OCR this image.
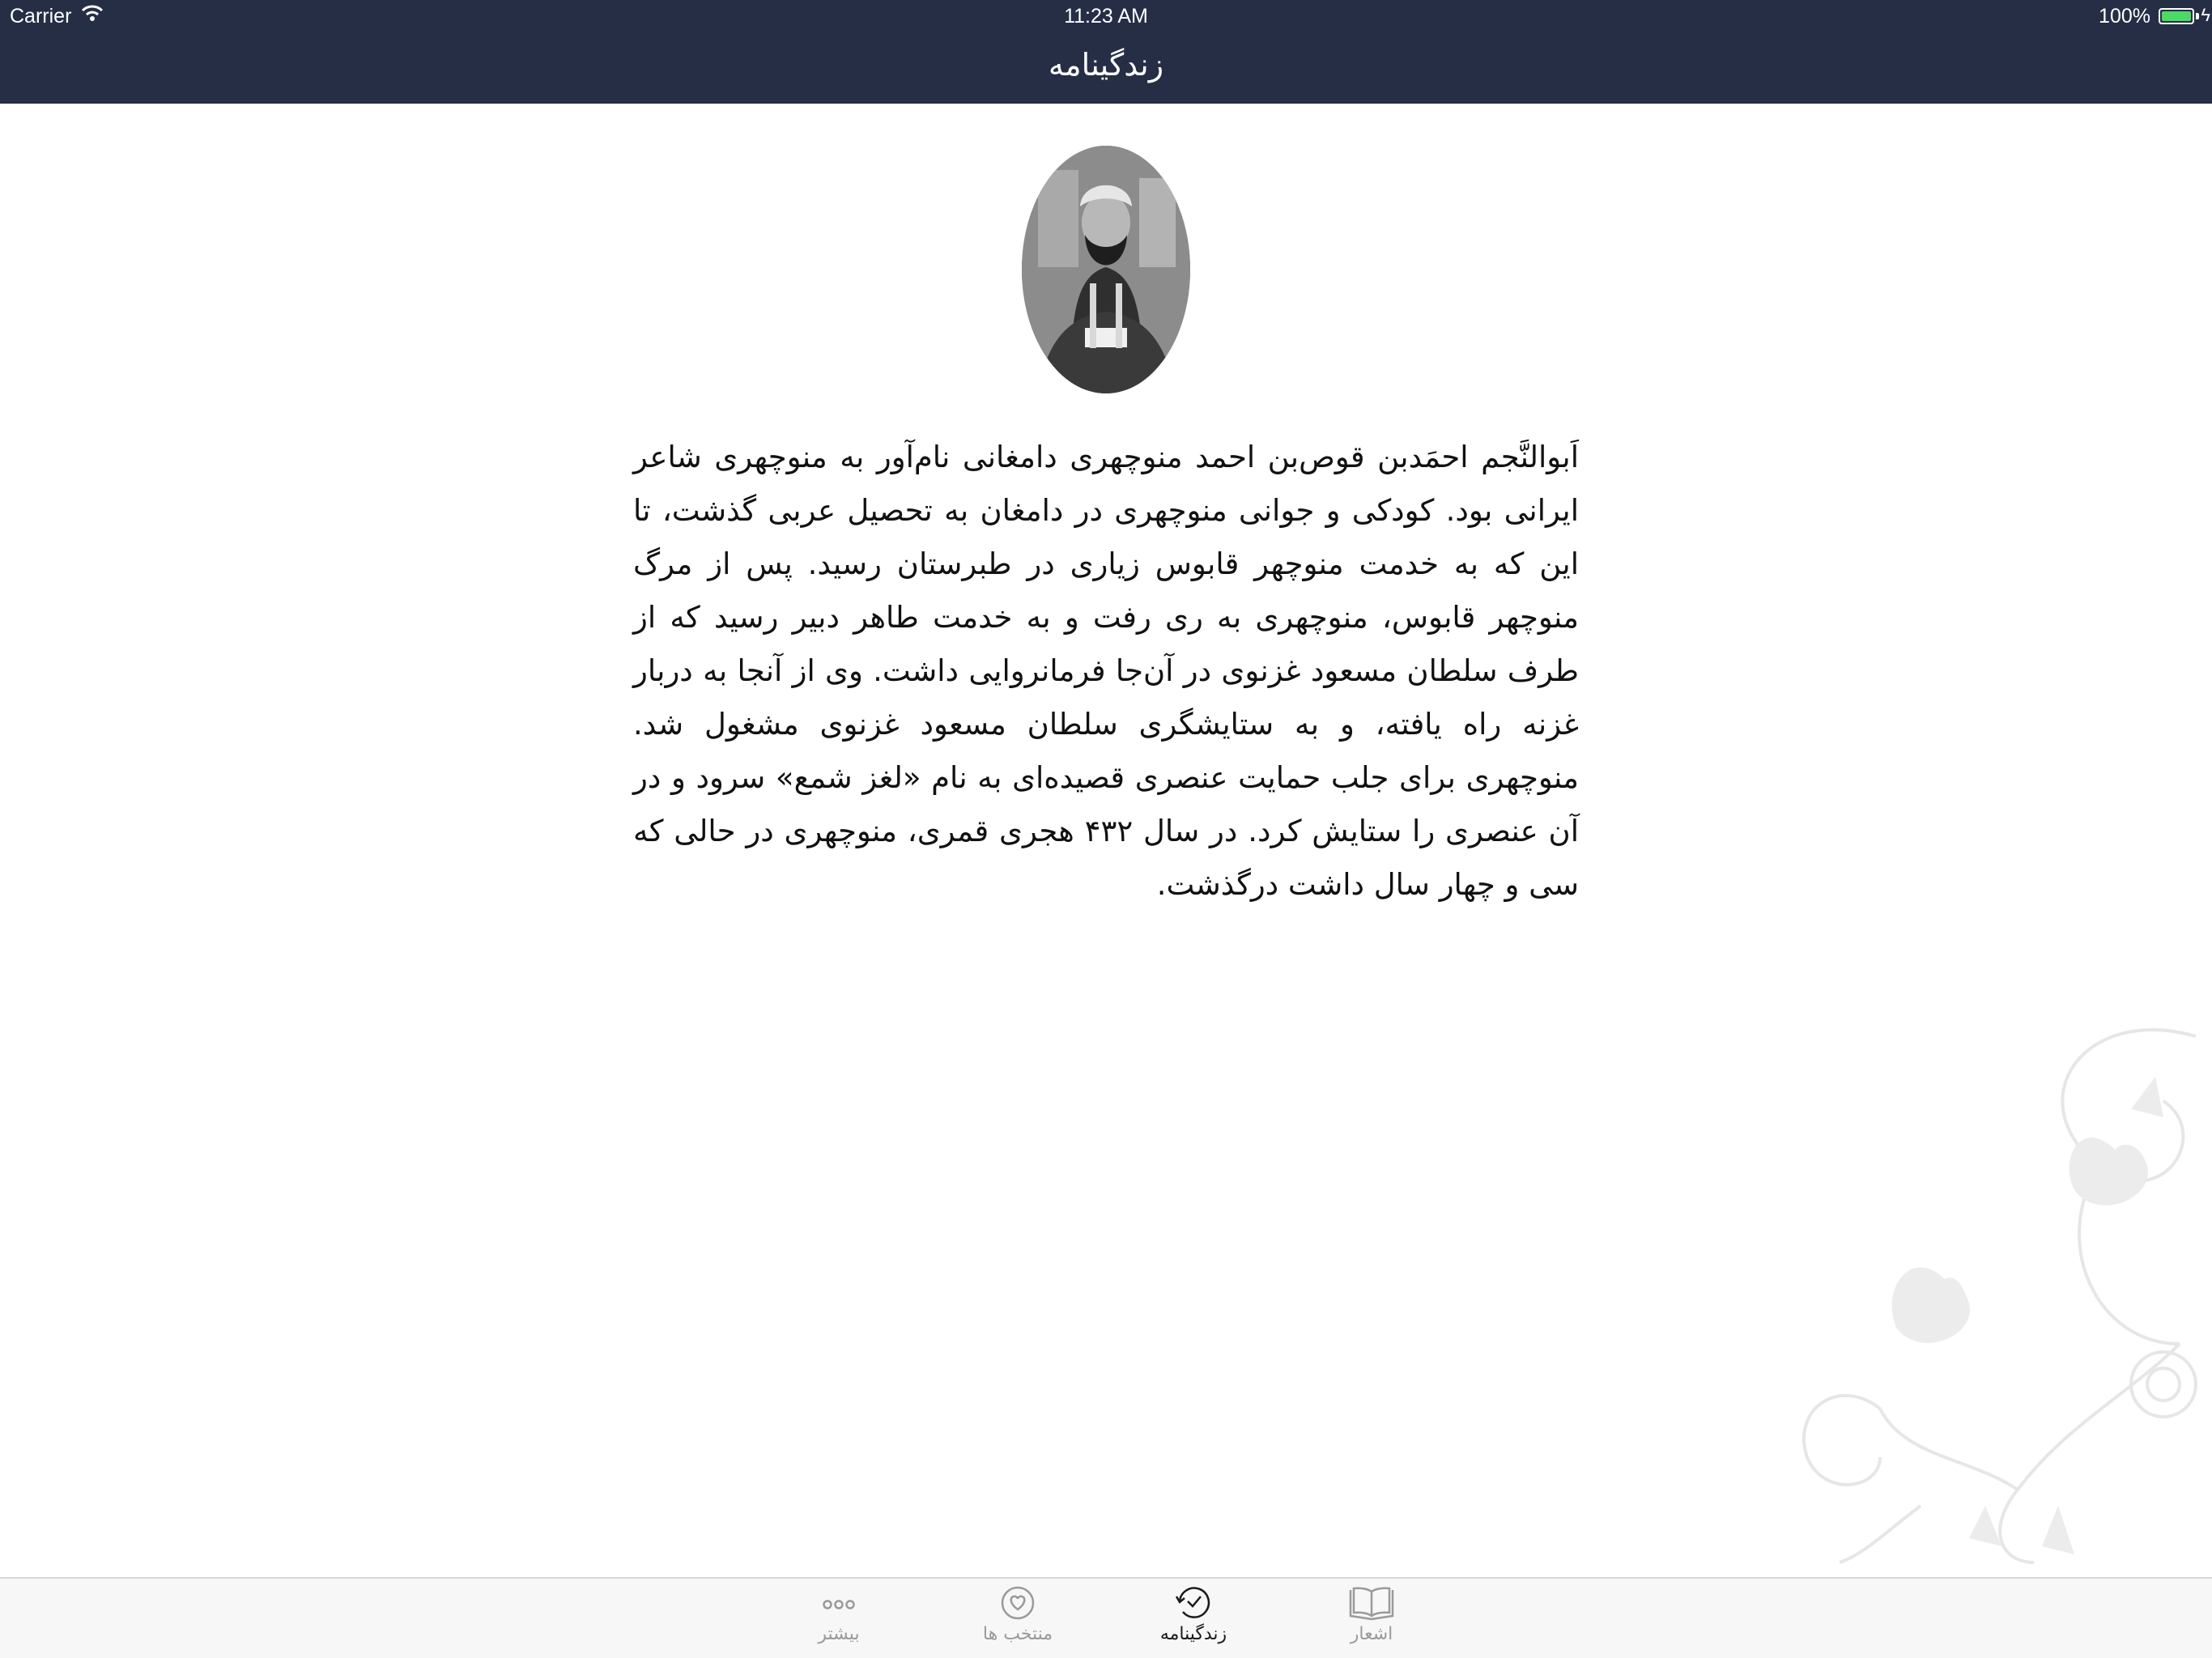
Carrier	11:23 AM	100%	ϟ
زندگینامه
اَبوالنَّجم احمَدبن قوص‌بن احمد منوچهری دامغانی نام‌آور به منوچهری شاعر ایرانی بود. کودکی و جوانی منوچهری در دامغان به تحصیل عربی گذشت، تا این که به خدمت منوچهر قابوس زیاری در طبرستان رسید. پس از مرگ منوچهر قابوس، منوچهری به ری رفت و به خدمت طاهر دبیر رسید که از طرف سلطان مسعود غزنوی در آن‌جا فرمانروایی داشت. وی از آنجا به دربار غزنه راه یافته، و به ستایشگری سلطان مسعود غزنوی مشغول شد. منوچهری برای جلب حمایت عنصری قصیده‌ای به نام «لغز شمع» سرود و در آن عنصری را ستایش کرد. در سال ۴۳۲ هجری قمری، منوچهری در حالی که سی و چهار سال داشت درگذشت.
بیشتر	منتخب ها	زندگینامه	اشعار
